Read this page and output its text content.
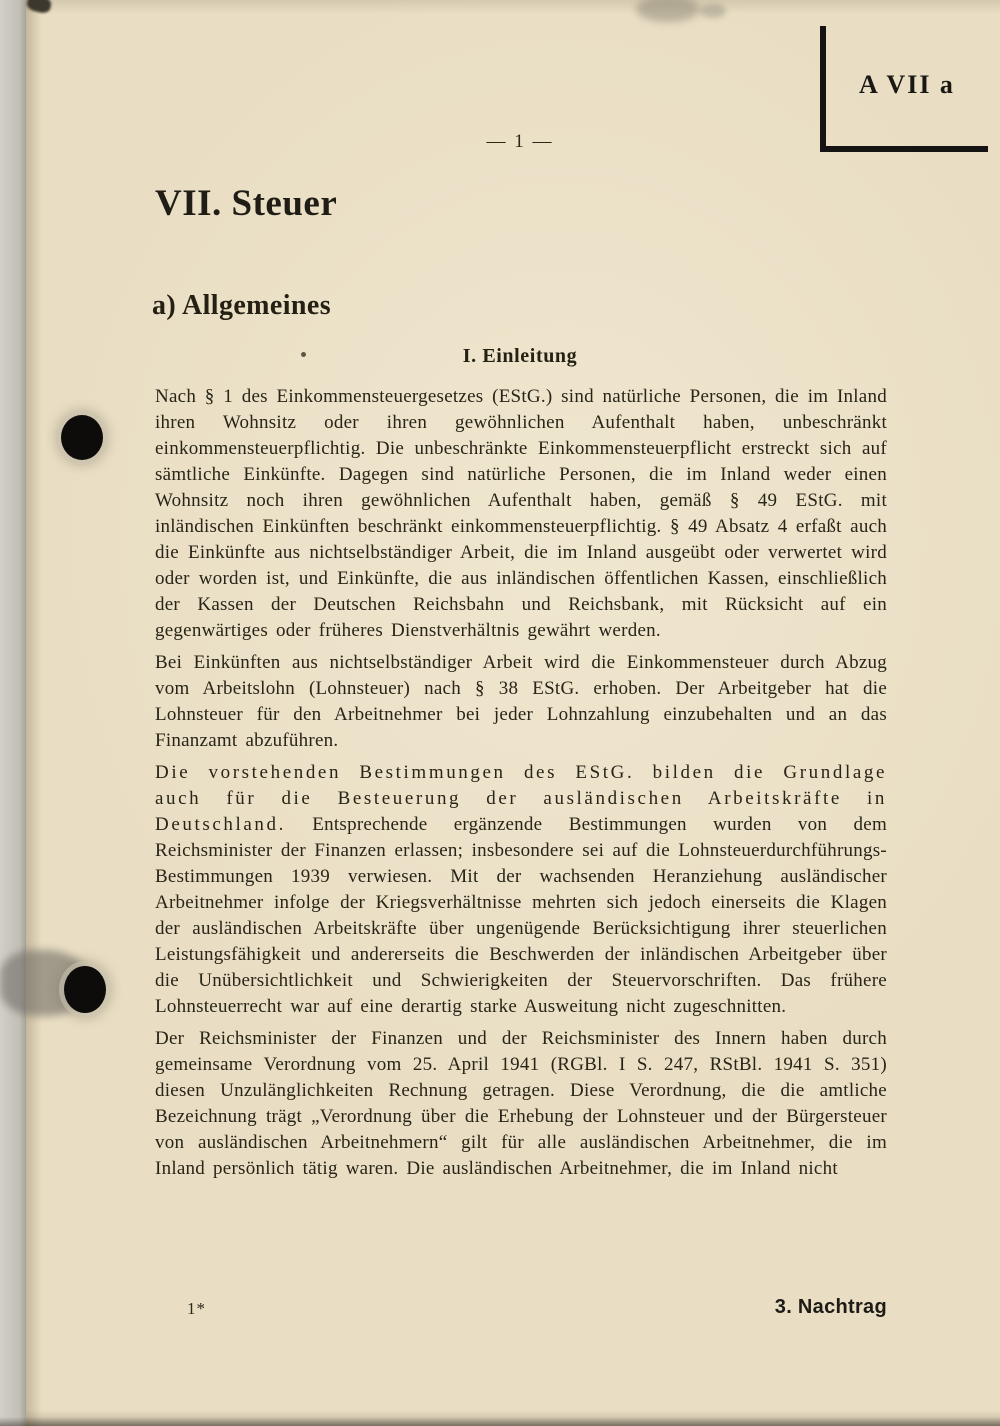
A VII a
— 1 —
VII. Steuer
a) Allgemeines
I. Einleitung

Nach § 1 des Einkommensteuergesetzes (EStG.) sind natürliche Personen, die im Inland ihren Wohnsitz oder ihren gewöhnlichen Aufenthalt haben, unbeschränkt einkommensteuerpflichtig. Die unbeschränkte Einkommensteuerpflicht erstreckt sich auf sämtliche Einkünfte. Dagegen sind natürliche Personen, die im Inland weder einen Wohnsitz noch ihren gewöhnlichen Aufenthalt haben, gemäß § 49 EStG. mit inländischen Einkünften beschränkt einkommensteuerpflichtig. § 49 Absatz 4 erfaßt auch die Einkünfte aus nichtselbständiger Arbeit, die im Inland ausgeübt oder verwertet wird oder worden ist, und Einkünfte, die aus inländischen öffentlichen Kassen, einschließlich der Kassen der Deutschen Reichsbahn und Reichsbank, mit Rücksicht auf ein gegenwärtiges oder früheres Dienstverhältnis gewährt werden.

Bei Einkünften aus nichtselbständiger Arbeit wird die Einkommensteuer durch Abzug vom Arbeitslohn (Lohnsteuer) nach § 38 EStG. erhoben. Der Arbeitgeber hat die Lohnsteuer für den Arbeitnehmer bei jeder Lohnzahlung einzubehalten und an das Finanzamt abzuführen.

Die vorstehenden Bestimmungen des EStG. bilden die Grundlage auch für die Besteuerung der ausländischen Arbeitskräfte in Deutschland. Entsprechende ergänzende Bestimmungen wurden von dem Reichsminister der Finanzen erlassen; insbesondere sei auf die Lohnsteuerdurchführungs-Bestimmungen 1939 verwiesen. Mit der wachsenden Heranziehung ausländischer Arbeitnehmer infolge der Kriegsverhältnisse mehrten sich jedoch einerseits die Klagen der ausländischen Arbeitskräfte über ungenügende Berücksichtigung ihrer steuerlichen Leistungsfähigkeit und andererseits die Beschwerden der inländischen Arbeitgeber über die Unübersichtlichkeit und Schwierigkeiten der Steuervorschriften. Das frühere Lohnsteuerrecht war auf eine derartig starke Ausweitung nicht zugeschnitten.

Der Reichsminister der Finanzen und der Reichsminister des Innern haben durch gemeinsame Verordnung vom 25. April 1941 (RGBl. I S. 247, RStBl. 1941 S. 351) diesen Unzulänglichkeiten Rechnung getragen. Diese Verordnung, die die amtliche Bezeichnung trägt „Verordnung über die Erhebung der Lohnsteuer und der Bürgersteuer von ausländischen Arbeitnehmern“ gilt für alle ausländischen Arbeitnehmer, die im Inland persönlich tätig waren. Die ausländischen Arbeitnehmer, die im Inland nicht

1*	3. Nachtrag
